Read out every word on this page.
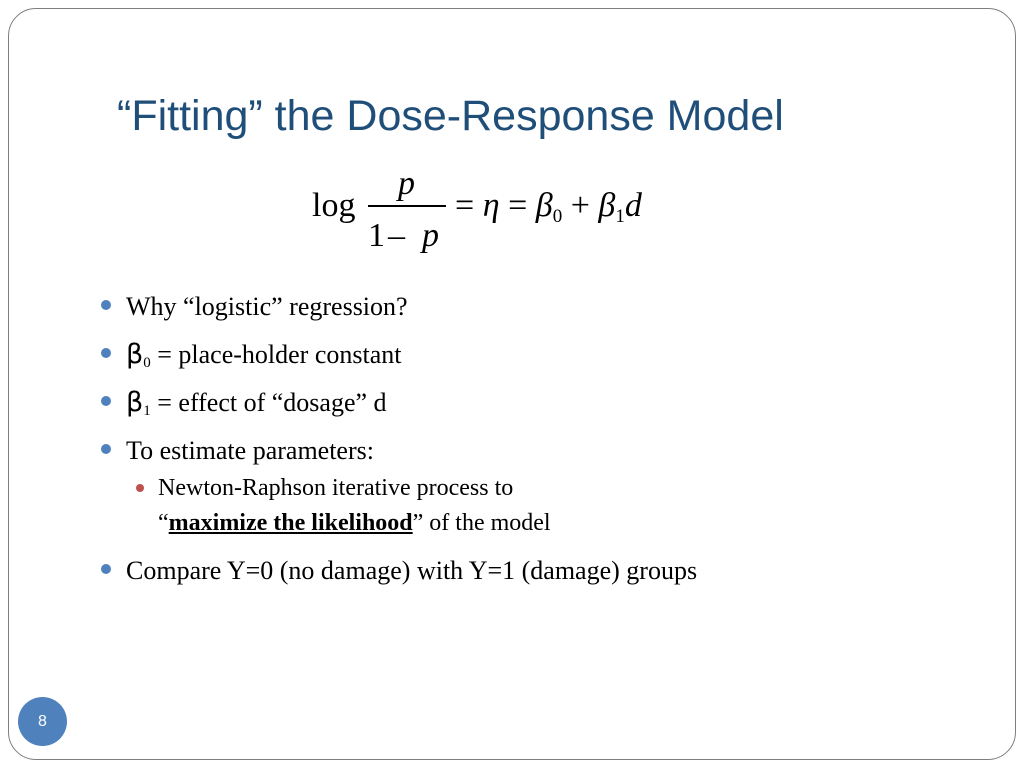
“Fitting” the Dose-Response Model
log
p
1 – p
= $\eta = \beta_0 + \beta_1d$
Why “logistic” regression?
$\beta_0$ = place-holder constant
$\beta_1$ = effect of “dosage” d
To estimate parameters:
Newton-Raphson iterative process to
“maximize the likelihood” of the model
Compare Y=0 (no damage) with Y=1 (damage) groups
8
